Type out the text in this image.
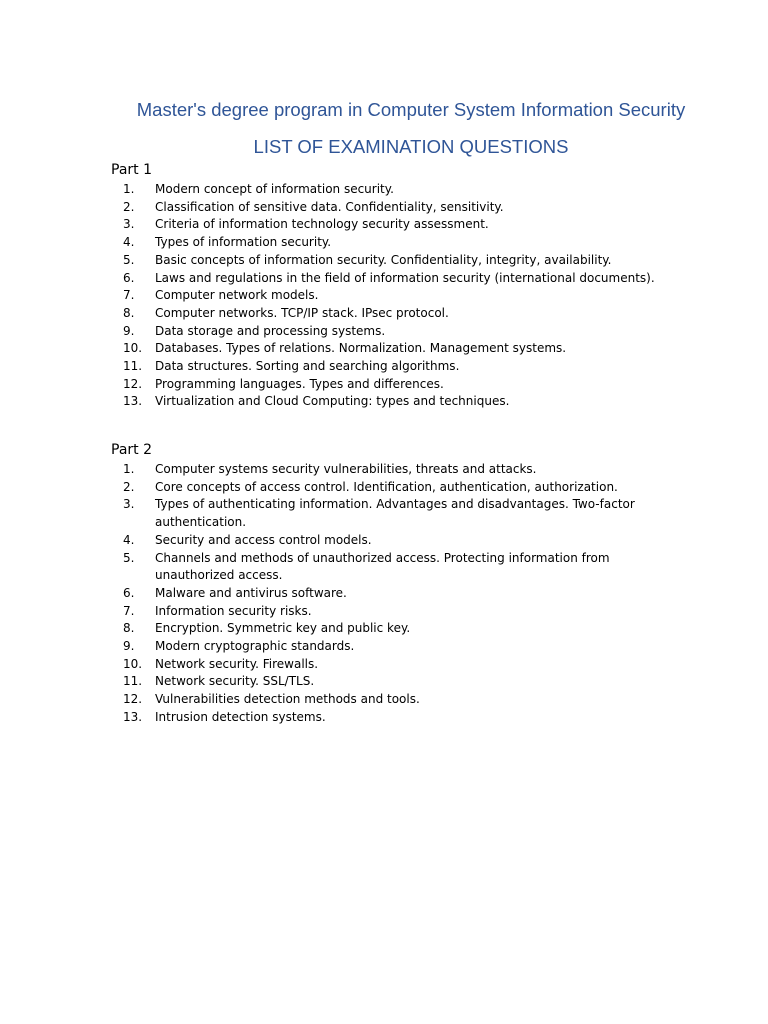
Master's degree program in Computer System Information Security
LIST OF EXAMINATION QUESTIONS
Part 1
1.	Modern concept of information security.
2.	Classification of sensitive data. Confidentiality, sensitivity.
3.	Criteria of information technology security assessment.
4.	Types of information security.
5.	Basic concepts of information security. Confidentiality, integrity, availability.
6.	Laws and regulations in the field of information security (international documents).
7.	Computer network models.
8.	Computer networks. TCP/IP stack. IPsec protocol.
9.	Data storage and processing systems.
10.	Databases. Types of relations. Normalization. Management systems.
11.	Data structures. Sorting and searching algorithms.
12.	Programming languages. Types and differences.
13.	Virtualization and Cloud Computing: types and techniques.
Part 2
1.	Computer systems security vulnerabilities, threats and attacks.
2.	Core concepts of access control. Identification, authentication, authorization.
3.	Types of authenticating information. Advantages and disadvantages. Two-factor authentication.
4.	Security and access control models.
5.	Channels and methods of unauthorized access. Protecting information from unauthorized access.
6.	Malware and antivirus software.
7.	Information security risks.
8.	Encryption. Symmetric key and public key.
9.	Modern cryptographic standards.
10.	Network security. Firewalls.
11.	Network security. SSL/TLS.
12.	Vulnerabilities detection methods and tools.
13.	Intrusion detection systems.
